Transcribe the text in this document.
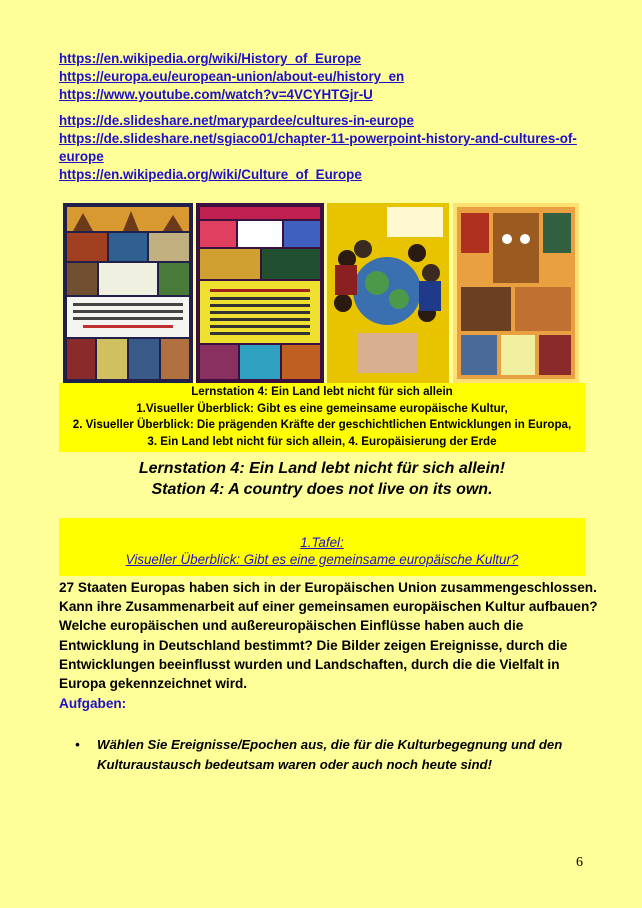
https://en.wikipedia.org/wiki/History_of_Europe
https://europa.eu/european-union/about-eu/history_en
https://www.youtube.com/watch?v=4VCYHTGjr-U
https://de.slideshare.net/marypardee/cultures-in-europe
https://de.slideshare.net/sgiaco01/chapter-11-powerpoint-history-and-cultures-of-europe
https://en.wikipedia.org/wiki/Culture_of_Europe
Lernstation 4: Ein Land lebt nicht für sich allein
1.Visueller Überblick: Gibt es eine gemeinsame europäische Kultur,
2. Visueller Überblick: Die prägenden Kräfte der geschichtlichen Entwicklungen in Europa,
3. Ein Land lebt nicht für sich allein, 4. Europäisierung der Erde
Lernstation 4: Ein Land lebt nicht für sich allein!
Station 4: A country does not live on its own.
1.Tafel:
Visueller Überblick: Gibt es eine gemeinsame europäische Kultur?
27 Staaten Europas haben sich in der Europäischen Union zusammengeschlossen. Kann ihre Zusammenarbeit auf einer gemeinsamen europäischen Kultur aufbauen? Welche europäischen und außereuropäischen Einflüsse haben auch die Entwicklung in Deutschland bestimmt? Die Bilder zeigen Ereignisse, durch die Entwicklungen beeinflusst wurden und Landschaften, durch die die Vielfalt in Europa gekennzeichnet wird.
Aufgaben:
• Wählen Sie Ereignisse/Epochen aus, die für die Kulturbegegnung und den Kulturaustausch bedeutsam waren oder auch noch heute sind!
6
